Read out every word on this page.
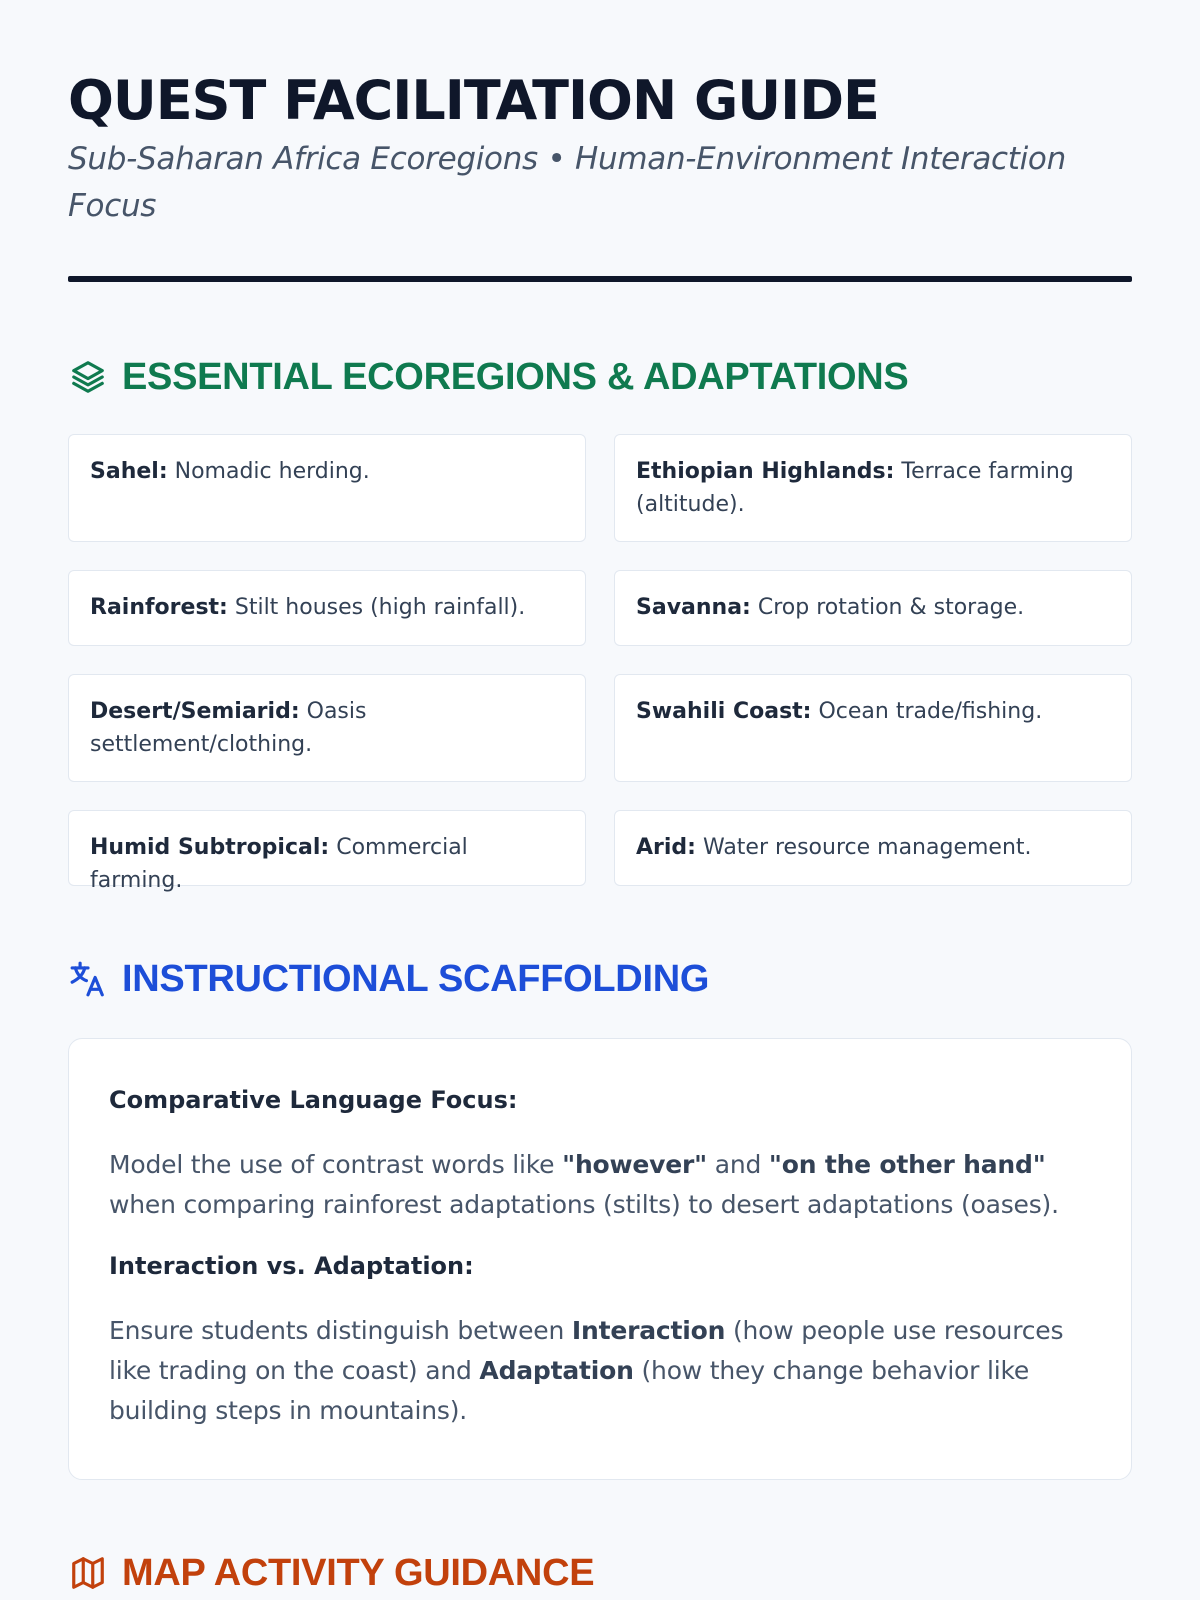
QUEST FACILITATION GUIDE
Sub-Saharan Africa Ecoregions • Human-Environment Interaction Focus
ESSENTIAL ECOREGIONS & ADAPTATIONS
Sahel: Nomadic herding.	Ethiopian Highlands: Terrace farming (altitude).
Rainforest: Stilt houses (high rainfall).	Savanna: Crop rotation & storage.
Desert/Semiarid: Oasis settlement/clothing.
Swahili Coast: Ocean trade/fishing.
Humid Subtropical: Commercial farming.
Arid: Water resource management.
INSTRUCTIONAL SCAFFOLDING
Comparative Language Focus:

Model the use of contrast words like "however" and "on the other hand" when comparing rainforest adaptations (stilts) to desert adaptations (oases).

Interaction vs. Adaptation:

Ensure students distinguish between Interaction (how people use resources like trading on the coast) and Adaptation (how they change behavior like building steps in mountains).

MAP ACTIVITY GUIDANCE
